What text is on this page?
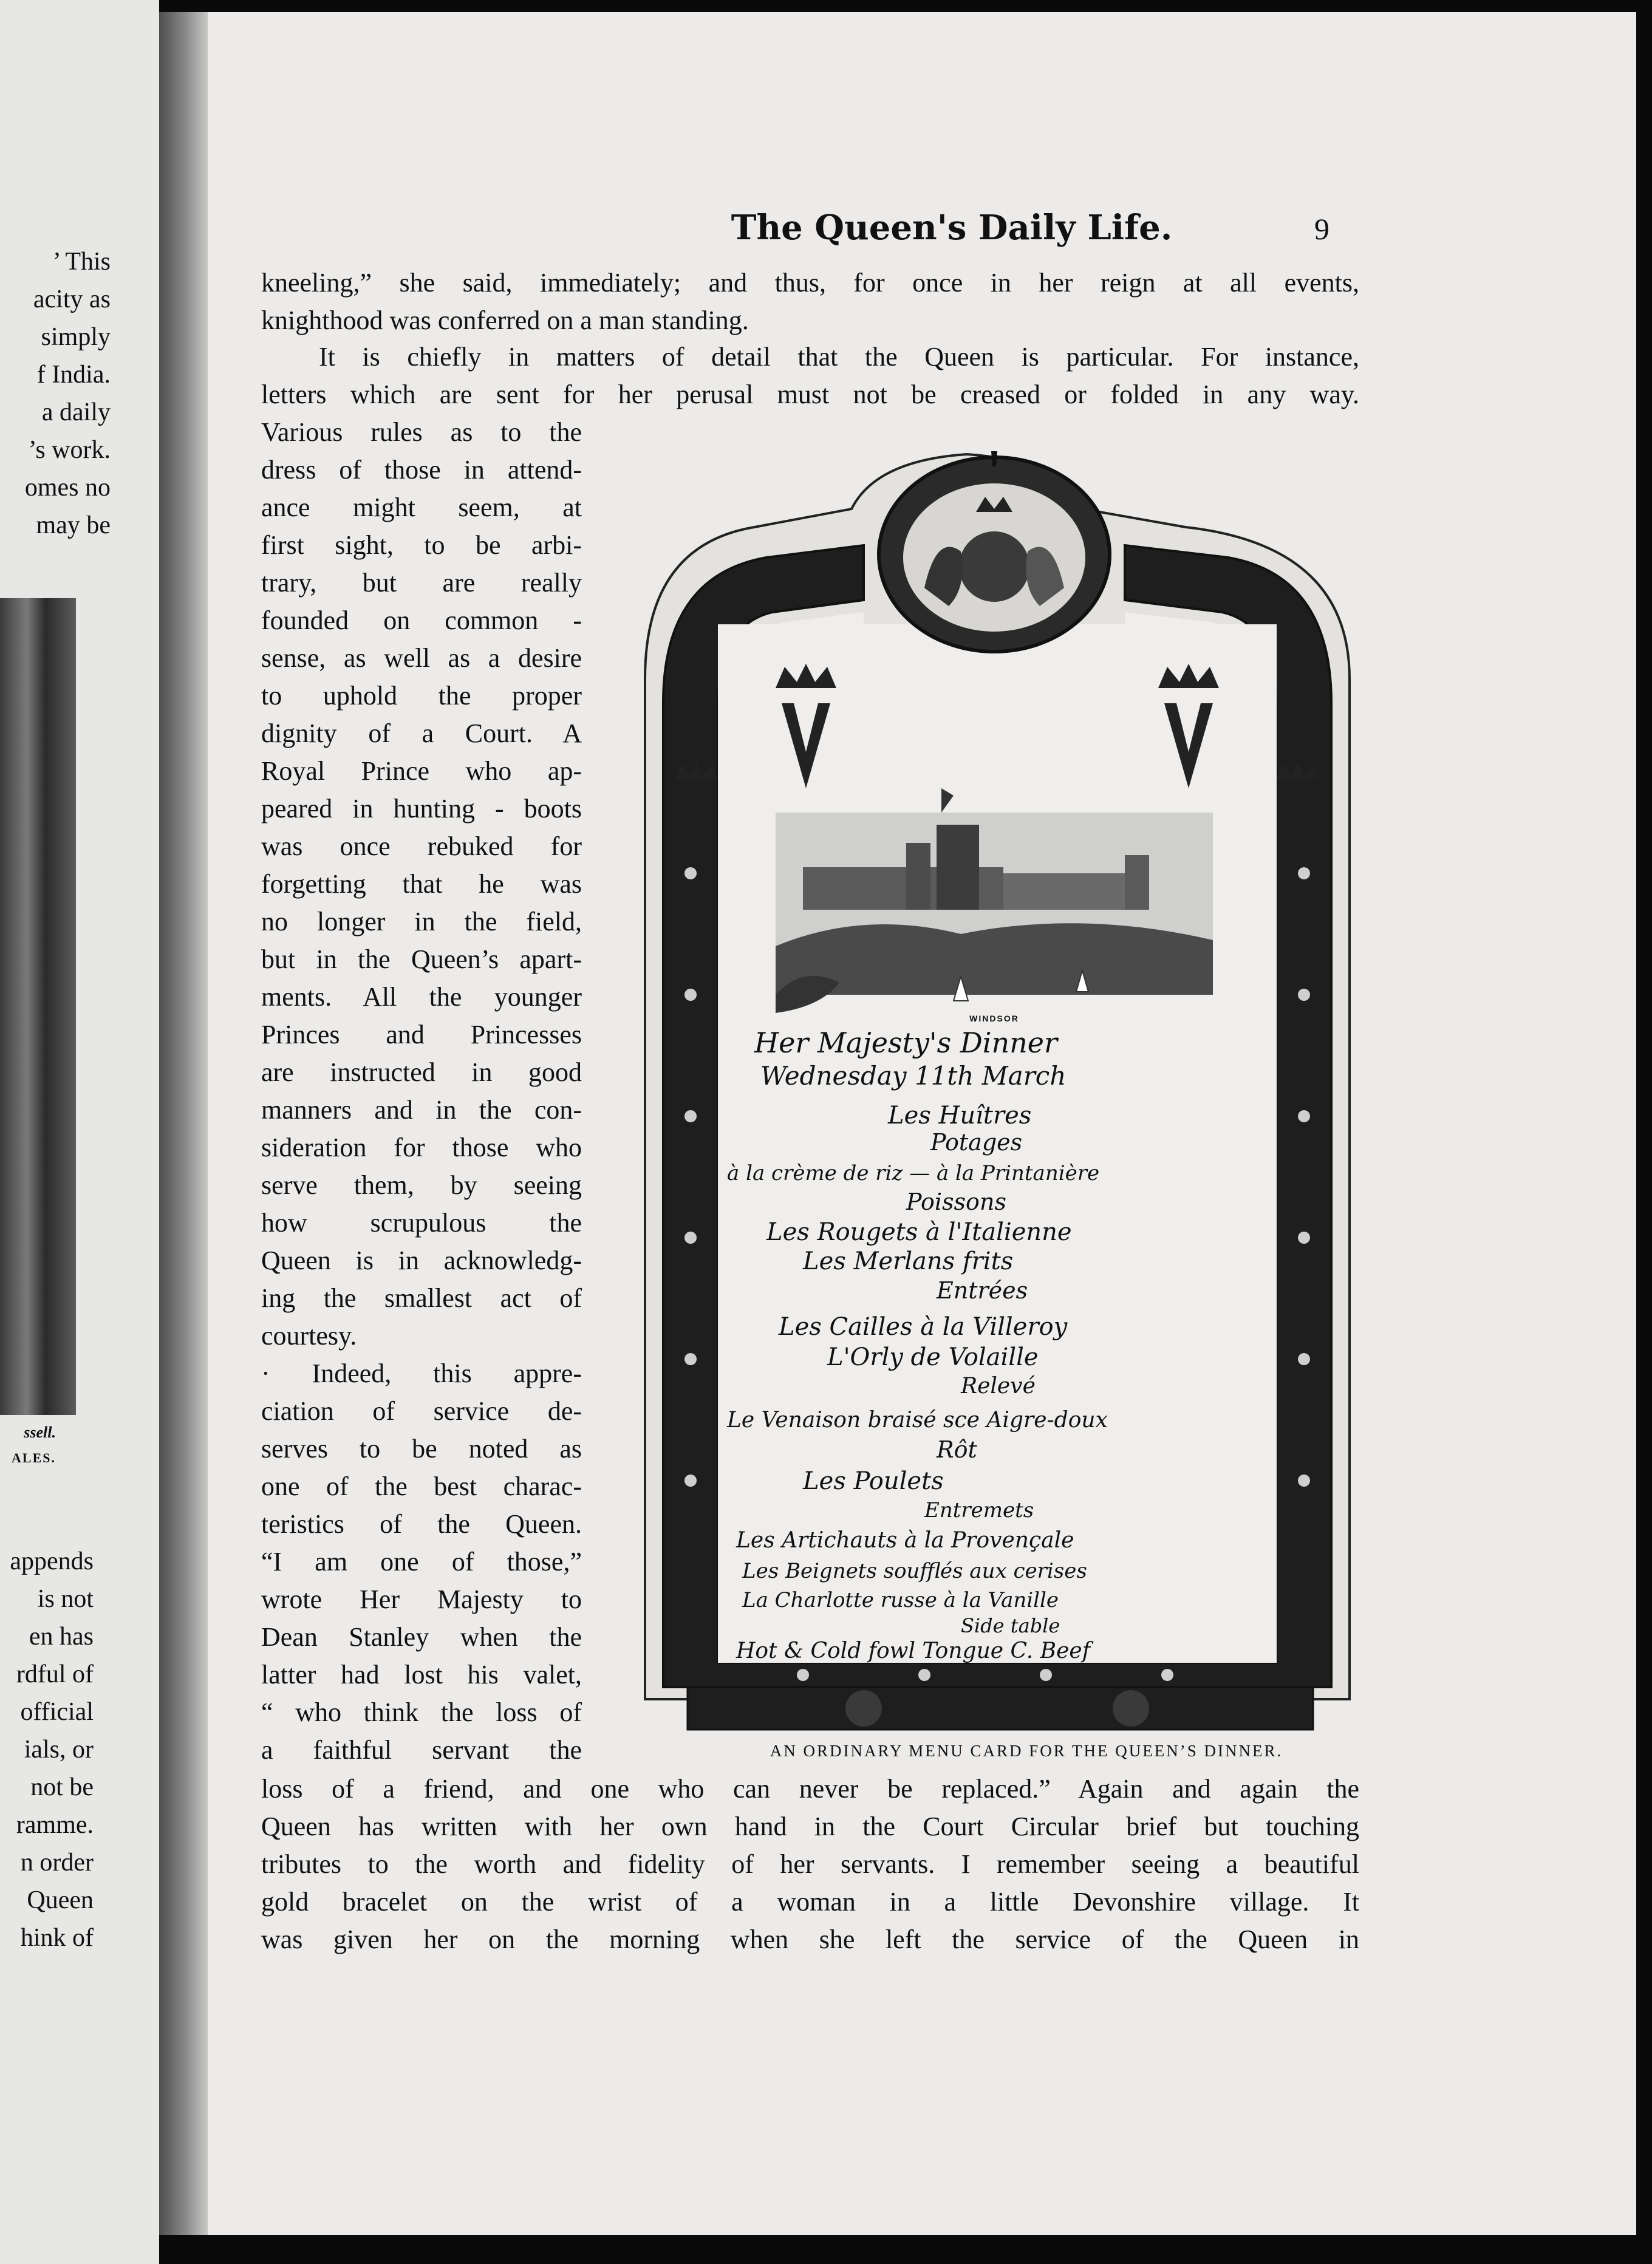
’ This
acity as
simply
f India.
a daily
’s work.
omes no
may be
ssell.
ALES.
appends
is not
en has
rdful of
official
ials, or
not be
ramme.
n order
Queen
hink of
The Queen's Daily Life.	9
kneeling,” she said, immediately; and thus, for once in her reign at all events,
knighthood was conferred on a man standing.
It is chiefly in matters of detail that the Queen is particular. For instance,
letters which are sent for her perusal must not be creased or folded in any way.
Various rules as to the
dress of those in attend-
ance might seem, at
first sight, to be arbi-
trary, but are really
founded on common -
sense, as well as a desire
to uphold the proper
dignity of a Court. A
Royal Prince who ap-
peared in hunting - boots
was once rebuked for
forgetting that he was
no longer in the field,
but in the Queen’s apart-
ments. All the younger
Princes and Princesses
are instructed in good
manners and in the con-
sideration for those who
serve them, by seeing
how scrupulous the
Queen is in acknowledg-
ing the smallest act of
courtesy.
· Indeed, this appre-
ciation of service de-
serves to be noted as
one of the best charac-
teristics of the Queen.
“I am one of those,”
wrote Her Majesty to
Dean Stanley when the
latter had lost his valet,
“ who think the loss of
a faithful servant the
WINDSOR
Her Majesty's Dinner
Wednesday 11th March
Les Huîtres
Potages
à la crème de riz — à la Printanière
Poissons
Les Rougets à l'Italienne
Les Merlans frits
Entrées
Les Cailles à la Villeroy
L'Orly de Volaille
Relevé
Le Venaison braisé sce Aigre-doux
Rôt
Les Poulets
Entremets
Les Artichauts à la Provençale
Les Beignets soufflés aux cerises
La Charlotte russe à la Vanille
Side table
Hot & Cold fowl Tongue C. Beef
AN ORDINARY MENU CARD FOR THE QUEEN’S DINNER.
loss of a friend, and one who can never be replaced.” Again and again the
Queen has written with her own hand in the Court Circular brief but touching
tributes to the worth and fidelity of her servants. I remember seeing a beautiful
gold bracelet on the wrist of a woman in a little Devonshire village. It
was given her on the morning when she left the service of the Queen in
